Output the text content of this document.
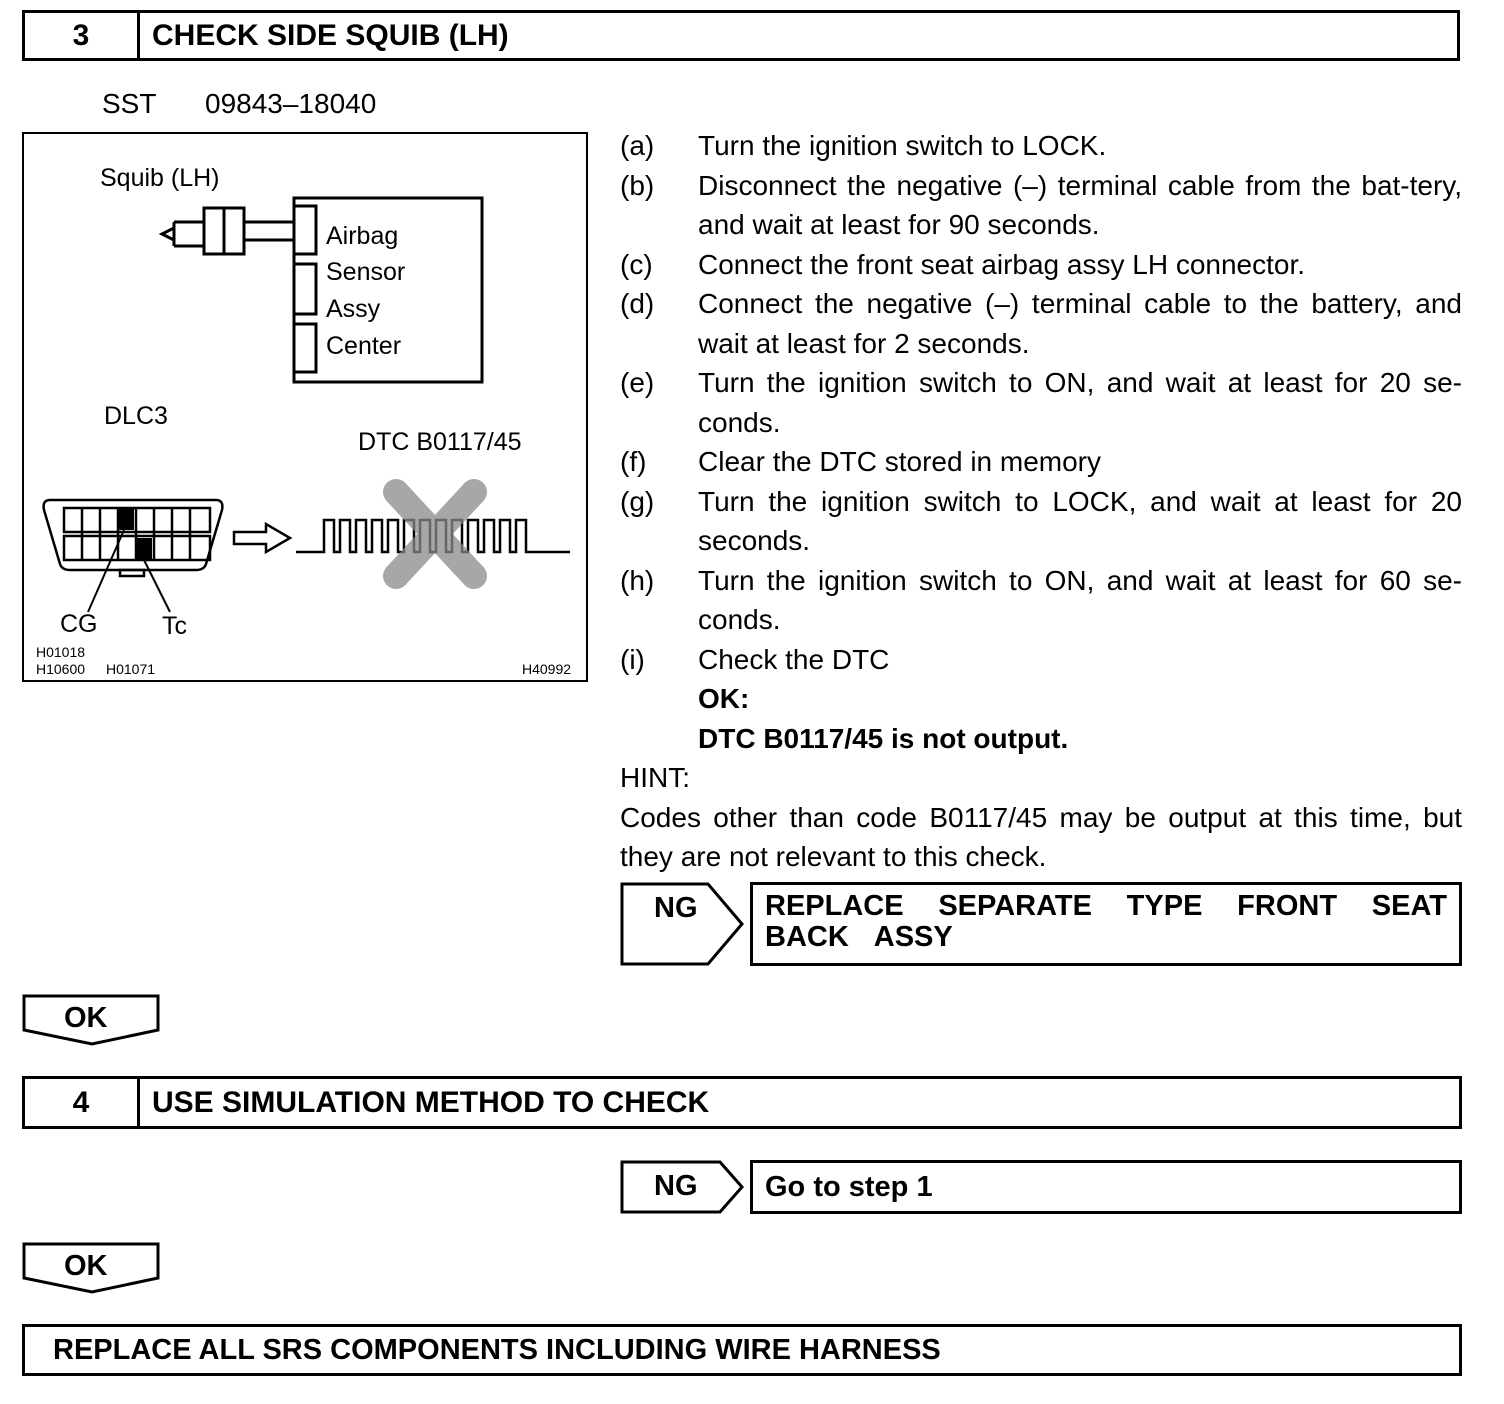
3	CHECK SIDE SQUIB (LH)
SST 09843–18040
Squib (LH)
Airbag
Sensor
Assy
Center
DLC3
DTC B0117/45
CG	Tc
H01018
H10600 H01071	H40992
(a)	Turn the ignition switch to LOCK.
(b)	Disconnect the negative (–) terminal cable from the bat-tery, and wait at least for 90 seconds.
(c)	Connect the front seat airbag assy LH connector.
(d)	Connect the negative (–) terminal cable to the battery, and wait at least for 2 seconds.
(e)	Turn the ignition switch to ON, and wait at least for 20 se-conds.
(f)	Clear the DTC stored in memory
(g)	Turn the ignition switch to LOCK, and wait at least for 20 seconds.
(h)	Turn the ignition switch to ON, and wait at least for 60 se-conds.
(i)	Check the DTC
OK:
DTC B0117/45 is not output.
HINT:
Codes other than code B0117/45 may be output at this time, but they are not relevant to this check.
NG REPLACE SEPARATE TYPE FRONT SEAT BACK ASSY
OK
4	USE SIMULATION METHOD TO CHECK
NG Go to step 1
OK
REPLACE ALL SRS COMPONENTS INCLUDING WIRE HARNESS
